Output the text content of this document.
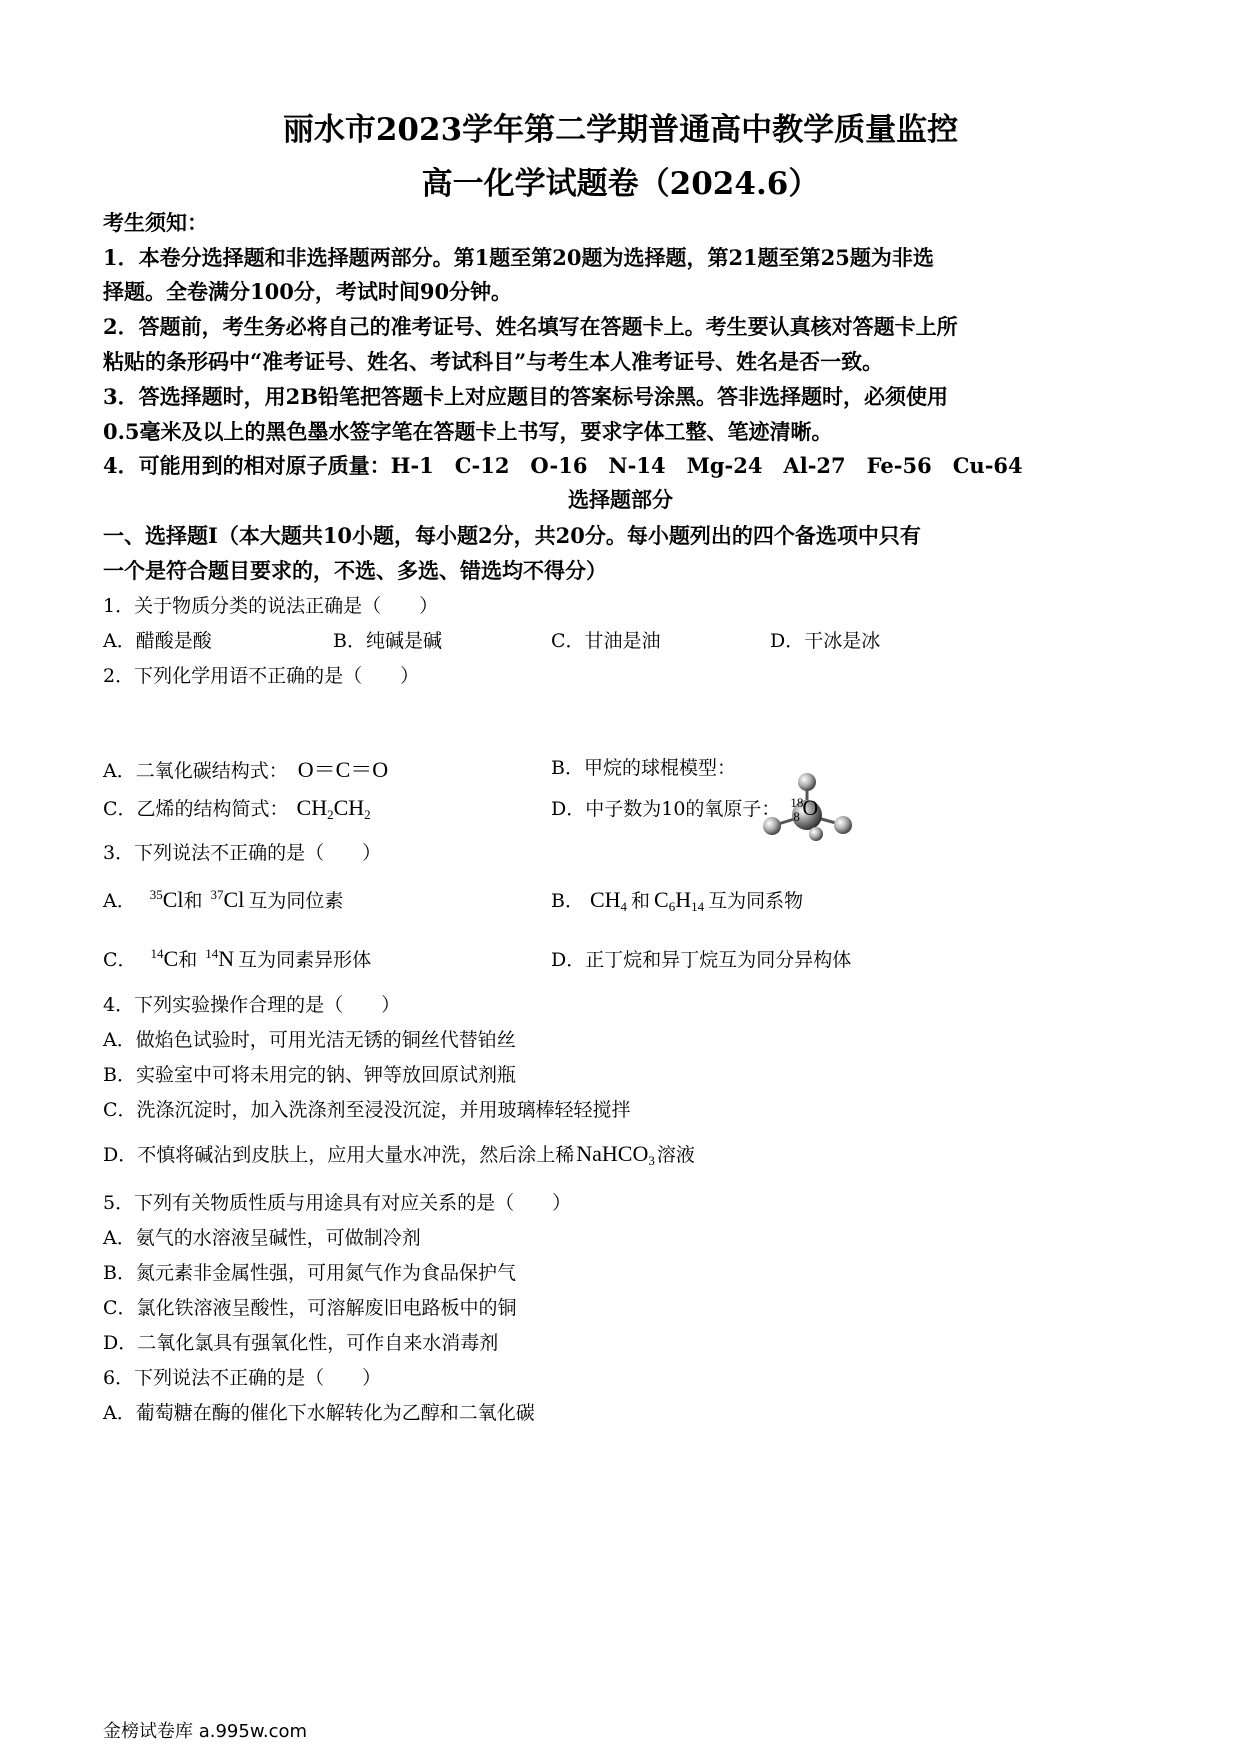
丽水市2023学年第二学期普通高中教学质量监控
高一化学试题卷（2024.6）
考生须知：
1．本卷分选择题和非选择题两部分。第1题至第20题为选择题，第21题至第25题为非选
择题。全卷满分100分，考试时间90分钟。
2．答题前，考生务必将自己的准考证号、姓名填写在答题卡上。考生要认真核对答题卡上所
粘贴的条形码中“准考证号、姓名、考试科目”与考生本人准考证号、姓名是否一致。
3．答选择题时，用2B铅笔把答题卡上对应题目的答案标号涂黑。答非选择题时，必须使用
0.5毫米及以上的黑色墨水签字笔在答题卡上书写，要求字体工整、笔迹清晰。
4．可能用到的相对原子质量：H-1　C-12　O-16　N-14　Mg-24　Al-27　Fe-56　Cu-64
选择题部分
一、选择题Ⅰ（本大题共10小题，每小题2分，共20分。每小题列出的四个备选项中只有
一个是符合题目要求的，不选、多选、错选均不得分）
1．关于物质分类的说法正确是（　　）
A．醋酸是酸	B．纯碱是碱	C．甘油是油	D．干冰是冰
2．下列化学用语不正确的是（　　）
A．二氧化碳结构式： O＝C＝O	B．甲烷的球棍模型：
C．乙烯的结构简式： $CH_2CH_2$	D．中子数为10的氧原子： 18
8 O
3．下列说法不正确的是（　　）
A． $^{35}$Cl和 $^{37}$Cl 互为同位素	B． $CH_4$ 和 $C_6H_{14}$ 互为同系物
C． $^{14}$C和 $^{14}$N 互为同素异形体	D．正丁烷和异丁烷互为同分异构体
4．下列实验操作合理的是（　　）
A．做焰色试验时，可用光洁无锈的铜丝代替铂丝
B．实验室中可将未用完的钠、钾等放回原试剂瓶
C．洗涤沉淀时，加入洗涤剂至浸没沉淀，并用玻璃棒轻轻搅拌
D．不慎将碱沾到皮肤上，应用大量水冲洗，然后涂上稀NaHCO$_3$ 溶液
5．下列有关物质性质与用途具有对应关系的是（　　）
A．氨气的水溶液呈碱性，可做制冷剂
B．氮元素非金属性强，可用氮气作为食品保护气
C．氯化铁溶液呈酸性，可溶解废旧电路板中的铜
D．二氧化氯具有强氧化性，可作自来水消毒剂
6．下列说法不正确的是（　　）
A．葡萄糖在酶的催化下水解转化为乙醇和二氧化碳
金榜试卷库 a.995w.com
